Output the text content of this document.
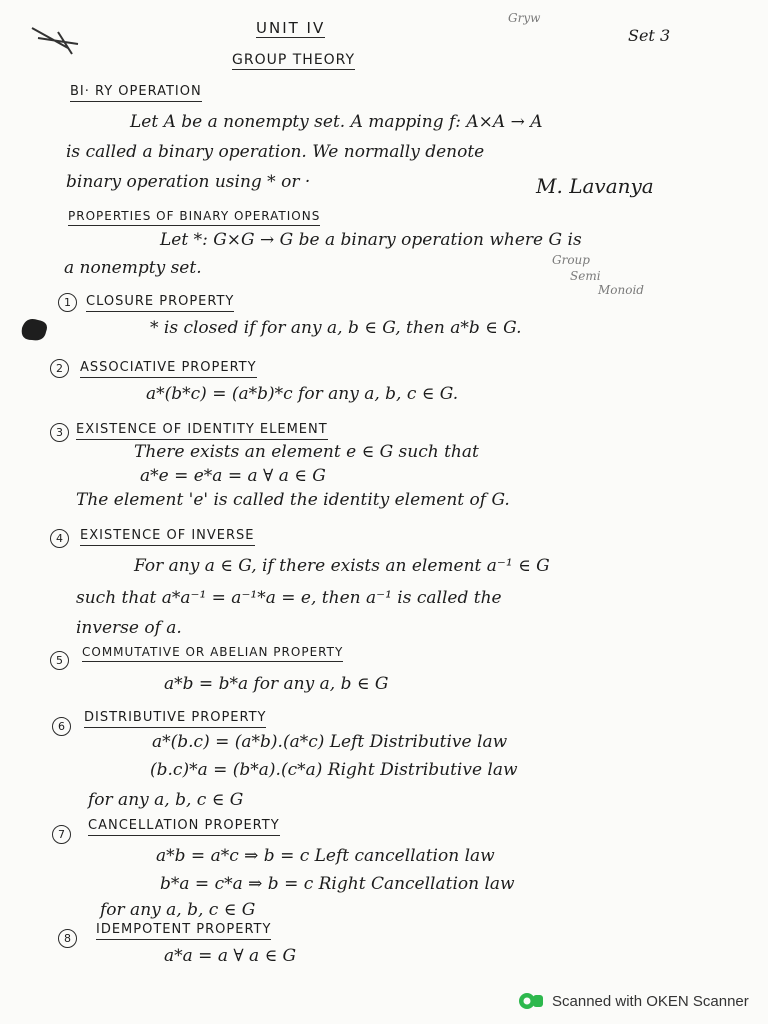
UNIT IV
Gryw
Set 3
GROUP THEORY
BI· RY OPERATION
Let A be a nonempty set. A mapping f: A×A → A
is called a binary operation. We normally denote
binary operation using * or ·	M. Lavanya
PROPERTIES OF BINARY OPERATIONS
Let *: G×G → G be a binary operation where G is
a nonempty set.	Group
Semi
Monoid
1	CLOSURE PROPERTY
* is closed if for any a, b ∈ G, then a*b ∈ G.
2	ASSOCIATIVE PROPERTY
a*(b*c) = (a*b)*c for any a, b, c ∈ G.
3	EXISTENCE OF IDENTITY ELEMENT
There exists an element e ∈ G such that
a*e = e*a = a ∀ a ∈ G
The element 'e' is called the identity element of G.
4	EXISTENCE OF INVERSE
For any a ∈ G, if there exists an element a⁻¹ ∈ G
such that a*a⁻¹ = a⁻¹*a = e, then a⁻¹ is called the
inverse of a.
5
COMMUTATIVE OR ABELIAN PROPERTY
a*b = b*a for any a, b ∈ G
6
DISTRIBUTIVE PROPERTY
a*(b.c) = (a*b).(a*c) Left Distributive law
(b.c)*a = (b*a).(c*a) Right Distributive law
for any a, b, c ∈ G
7
CANCELLATION PROPERTY
a*b = a*c ⇒ b = c Left cancellation law
b*a = c*a ⇒ b = c Right Cancellation law
for any a, b, c ∈ G
8
IDEMPOTENT PROPERTY
a*a = a ∀ a ∈ G
Scanned with OKEN Scanner
